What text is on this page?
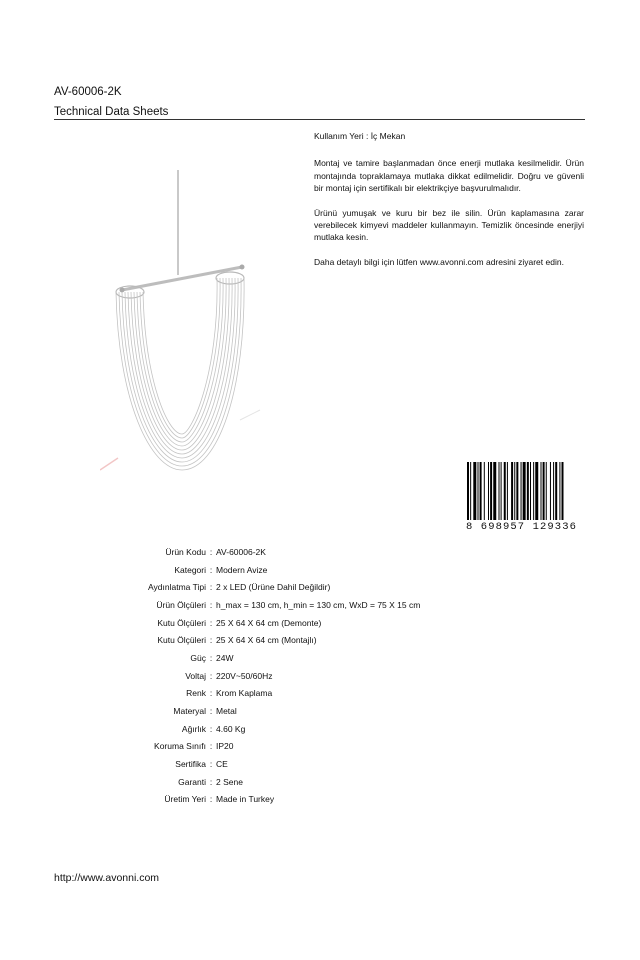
AV-60006-2K

Technical Data Sheets

Kullanım Yeri : İç Mekan

Montaj ve tamire başlanmadan önce enerji mutlaka kesilmelidir. Ürün montajında topraklamaya mutlaka dikkat edilmelidir. Doğru ve güvenli bir montaj için sertifikalı bir elektrikçiye başvurulmalıdır.

Ürünü yumuşak ve kuru bir bez ile silin. Ürün kaplamasına zarar verebilecek kimyevi maddeler kullanmayın. Temizlik öncesinde enerjiyi mutlaka kesin.

Daha detaylı bilgi için lütfen www.avonni.com adresini ziyaret edin.

8 698957 129336
Ürün Kodu : AV-60006-2K
Kategori : Modern Avize
Aydınlatma Tipi : 2 x LED (Ürüne Dahil Değildir)
Ürün Ölçüleri : h_max = 130 cm, h_min = 130 cm, WxD = 75 X 15 cm
Kutu Ölçüleri : 25 X 64 X 64 cm (Demonte)
Kutu Ölçüleri : 25 X 64 X 64 cm (Montajlı)
Güç : 24W
Voltaj : 220V~50/60Hz
Renk : Krom Kaplama
Materyal : Metal
Ağırlık : 4.60 Kg
Koruma Sınıfı : IP20
Sertifika : CE
Garanti : 2 Sene
Üretim Yeri : Made in Turkey
http://www.avonni.com
